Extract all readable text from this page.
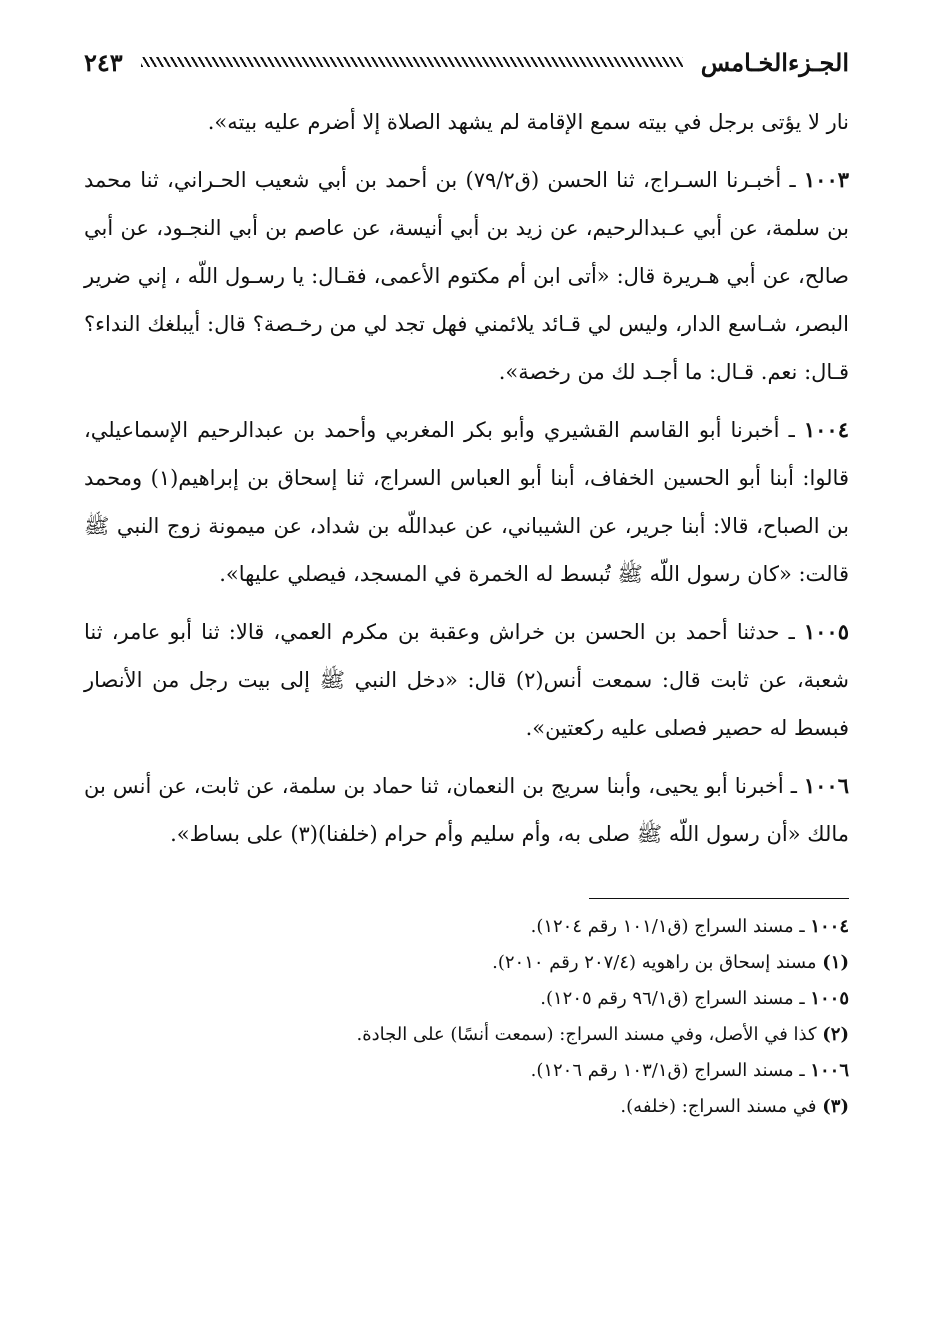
الجـزءالخـامس
٢٤٣

نار لا يؤتى برجل في بيته سمع الإقامة لم يشهد الصلاة إلا أضرم عليه بيته».

١٠٠٣ ـ أخبـرنا السـراج، ثنا الحسن (ق٧٩/٢) بن أحمد بن أبي شعيب الحـراني، ثنا محمد بن سلمة، عن أبي عـبدالرحيم، عن زيد بن أبي أنيسة، عن عاصم بن أبي النجـود، عن أبي صالح، عن أبي هـريرة قال: «أتى ابن أم مكتوم الأعمى، فقـال: يا رسـول اللّه ، إني ضرير البصر، شـاسع الدار، وليس لي قـائد يلائمني فهل تجد لي من رخـصة؟ قال: أيبلغك النداء؟ قـال: نعم. قـال: ما أجـد لك من رخصة».

١٠٠٤ ـ أخبرنا أبو القاسم القشيري وأبو بكر المغربي وأحمد بن عبدالرحيم الإسماعيلي، قالوا: أبنا أبو الحسين الخفاف، أبنا أبو العباس السراج، ثنا إسحاق بن إبراهيم(١) ومحمد بن الصباح، قالا: أبنا جرير، عن الشيباني، عن عبداللّه بن شداد، عن ميمونة زوج النبي ﷺ قالت: «كان رسول اللّه ﷺ تُبسط له الخمرة في المسجد، فيصلي عليها».

١٠٠٥ ـ حدثنا أحمد بن الحسن بن خراش وعقبة بن مكرم العمي، قالا: ثنا أبو عامر، ثنا شعبة، عن ثابت قال: سمعت أنس(٢) قال: «دخل النبي ﷺ إلى بيت رجل من الأنصار فبسط له حصير فصلى عليه ركعتين».

١٠٠٦ ـ أخبرنا أبو يحيى، وأبنا سريج بن النعمان، ثنا حماد بن سلمة، عن ثابت، عن أنس بن مالك «أن رسول اللّه ﷺ صلى به، وأم سليم وأم حرام (خلفنا)(٣) على بساط».

١٠٠٤ ـ مسند السراج (ق١٠١/١ رقم ١٢٠٤).

(١) مسند إسحاق بن راهويه (٢٠٧/٤ رقم ٢٠١٠).

١٠٠٥ ـ مسند السراج (ق٩٦/١ رقم ١٢٠٥).

(٢) كذا في الأصل، وفي مسند السراج: (سمعت أنسًا) على الجادة.

١٠٠٦ ـ مسند السراج (ق١٠٣/١ رقم ١٢٠٦).

(٣) في مسند السراج: (خلفه).
